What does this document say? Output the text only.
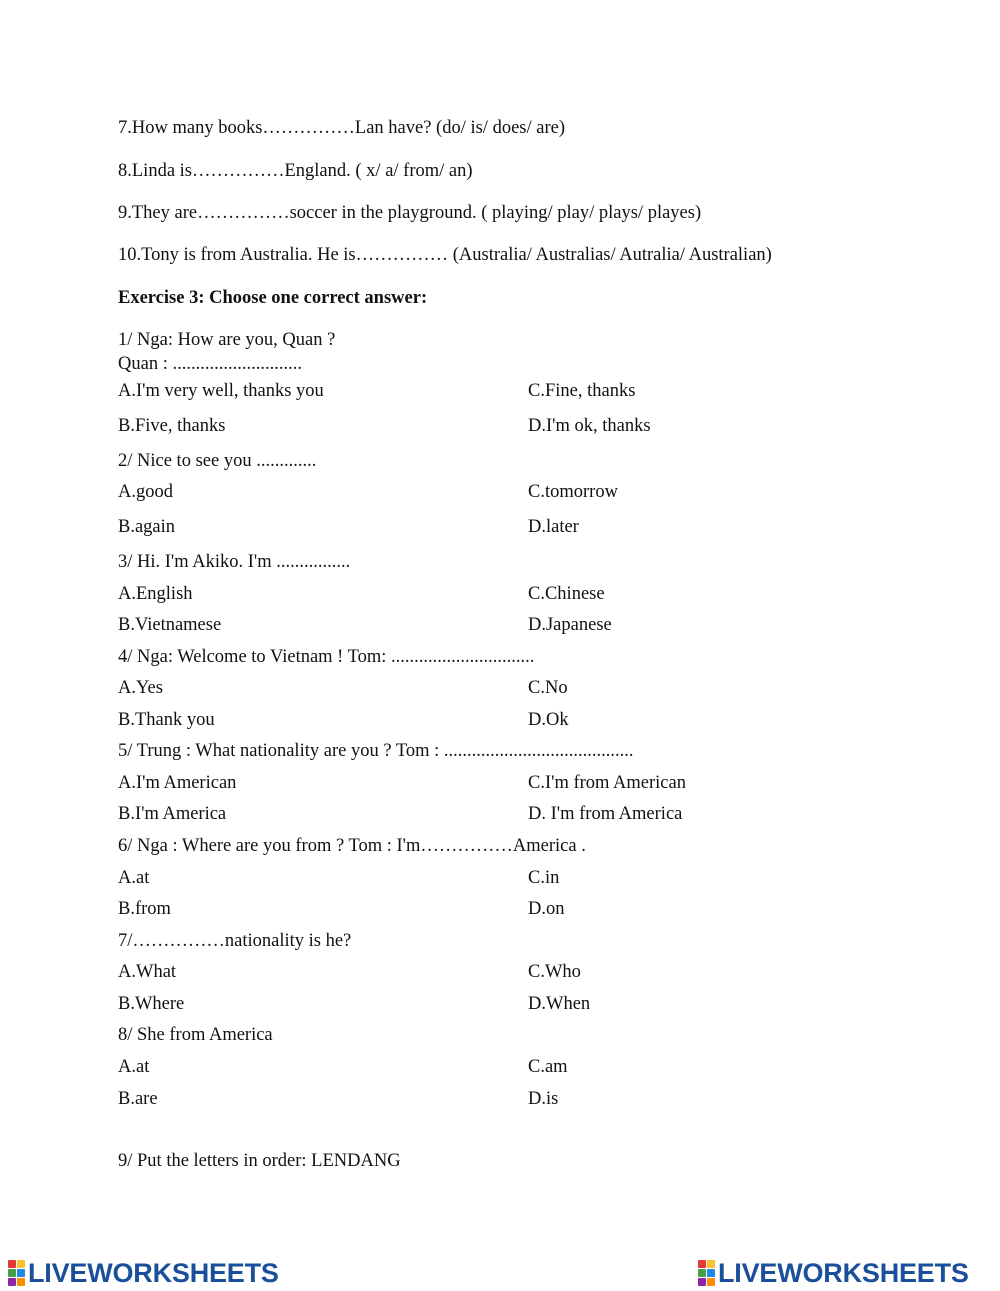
7.How many books……………Lan have? (do/ is/ does/ are)
8.Linda is……………England. ( x/ a/ from/ an)
9.They are……………soccer in the playground. ( playing/ play/ plays/ playes)
10.Tony is from Australia. He is…………… (Australia/ Australias/ Autralia/ Australian)
Exercise 3: Choose one correct answer:
1/ Nga: How are you, Quan ?
Quan : ............................
A.I'm very well, thanks you	C.Fine, thanks
B.Five, thanks	D.I'm ok, thanks
2/ Nice to see you .............
A.good	C.tomorrow
B.again	D.later
3/ Hi. I'm Akiko. I'm ................
A.English	C.Chinese
B.Vietnamese	D.Japanese
4/ Nga: Welcome to Vietnam ! Tom: ...............................
A.Yes	C.No
B.Thank you	D.Ok
5/ Trung : What nationality are you ? Tom : .........................................
A.I'm American	C.I'm from American
B.I'm America	D. I'm from America
6/ Nga : Where are you from ? Tom : I'm……………America .
A.at	C.in
B.from	D.on
7/……………nationality is he?
A.What	C.Who
B.Where	D.When
8/ She from America
A.at	C.am
B.are	D.is
9/ Put the letters in order: LENDANG
LIVEWORKSHEETS	LIVEWORKSHEETS
